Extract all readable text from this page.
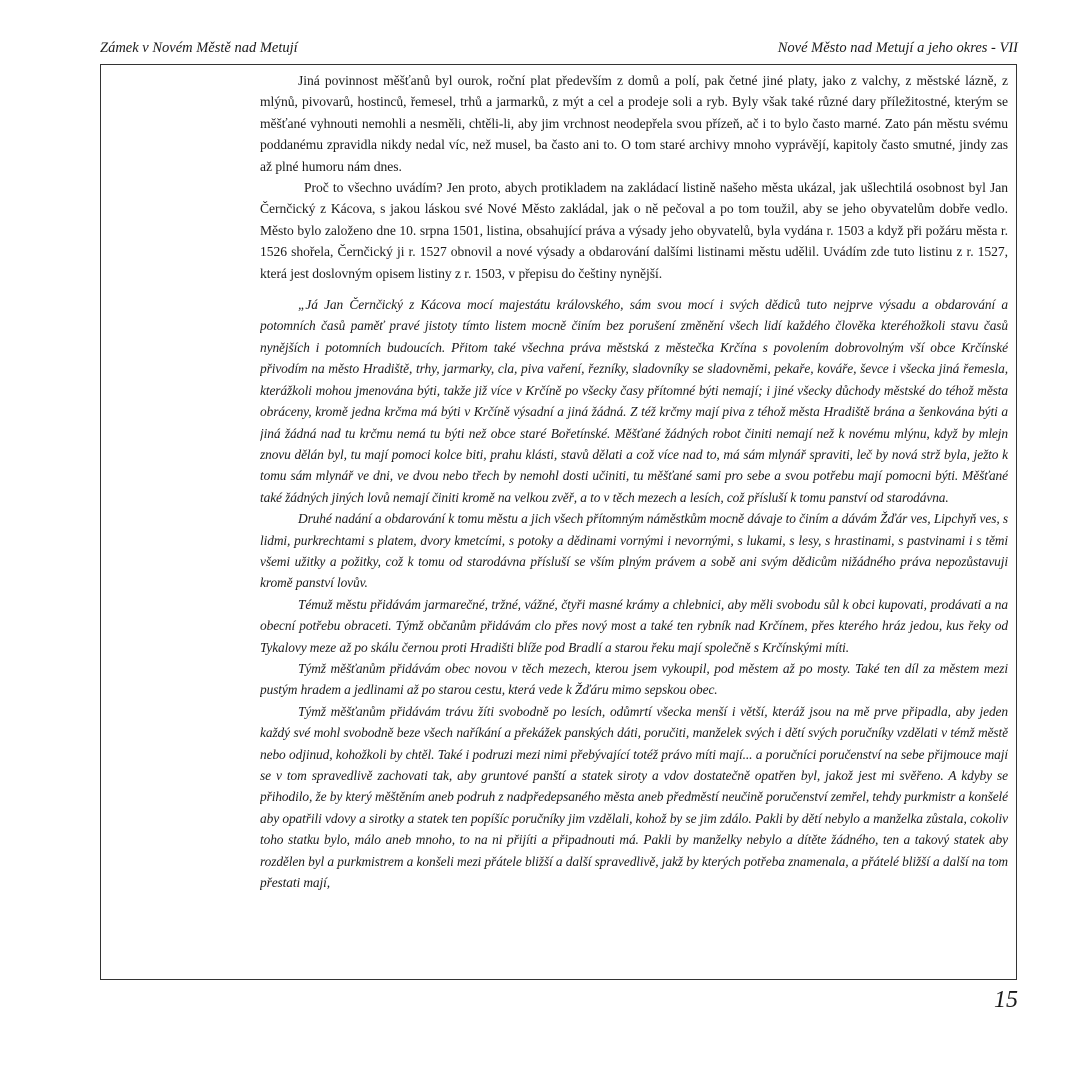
Zámek v Novém Městě nad Metují	Nové Město nad Metují a jeho okres - VII

Jiná povinnost měšťanů byl ourok, roční plat především z domů a polí, pak četné jiné platy, jako z valchy, z městské lázně, z mlýnů, pivovarů, hostinců, řemesel, trhů a jarmarků, z mýt a cel a prodeje soli a ryb. Byly však také různé dary příležitostné, kterým se měšťané vyhnouti nemohli a nesměli, chtěli-li, aby jim vrchnost neodepřela svou přízeň, ač i to bylo často marné. Zato pán městu svému poddanému zpravidla nikdy nedal víc, než musel, ba často ani to. O tom staré archivy mnoho vyprávějí, kapitoly často smutné, jindy zas až plné humoru nám dnes.

Proč to všechno uvádím? Jen proto, abych protikladem na zakládací listině našeho města ukázal, jak ušlechtilá osobnost byl Jan Černčický z Kácova, s jakou láskou své Nové Město zakládal, jak o ně pečoval a po tom toužil, aby se jeho obyvatelům dobře vedlo. Město bylo založeno dne 10. srpna 1501, listina, obsahující práva a výsady jeho obyvatelů, byla vydána r. 1503 a když při požáru města r. 1526 shořela, Černčický ji r. 1527 obnovil a nové výsady a obdarování dalšími listinami městu udělil. Uvádím zde tuto listinu z r. 1527, která jest doslovným opisem listiny z r. 1503, v přepisu do češtiny nynější.

„Já Jan Černčický z Kácova mocí majestátu královského, sám svou mocí i svých dědiců tuto nejprve výsadu a obdarování a potomních časů paměť pravé jistoty tímto listem mocně činím bez porušení změnění všech lidí každého člověka kteréhožkoli stavu časů nynějších i potomních budoucích. Přitom také všechna práva městská z městečka Krčína s povolením dobrovolným vší obce Krčínské přivodím na město Hradiště, trhy, jarmarky, cla, piva vaření, řezníky, sladovníky se sladovněmi, pekaře, kováře, ševce i všecka jiná řemesla, kterážkoli mohou jmenována býti, takže již více v Krčíně po všecky časy přítomné býti nemají; i jiné všecky důchody městské do téhož města obráceny, kromě jedna krčma má býti v Krčíně výsadní a jiná žádná. Z též krčmy mají piva z téhož města Hradiště brána a šenkována býti a jiná žádná nad tu krčmu nemá tu býti než obce staré Bořetínské. Měšťané žádných robot činiti nemají než k novému mlýnu, když by mlejn znovu dělán byl, tu mají pomoci kolce biti, prahu klásti, stavů dělati a což více nad to, má sám mlynář spraviti, leč by nová strž byla, ježto k tomu sám mlynář ve dni, ve dvou nebo třech by nemohl dosti učiniti, tu měšťané sami pro sebe a svou potřebu mají pomocni býti. Měšťané také žádných jiných lovů nemají činiti kromě na velkou zvěř, a to v těch mezech a lesích, což přísluší k tomu panství od starodávna.

Druhé nadání a obdarování k tomu městu a jich všech přítomným náměstkům mocně dávaje to činím a dávám Žďár ves, Lipchyň ves, s lidmi, purkrechtami s platem, dvory kmetcími, s potoky a dědinami vornými i nevornými, s lukami, s lesy, s hrastinami, s pastvinami i s těmi všemi užitky a požitky, což k tomu od starodávna přísluší se vším plným právem a sobě ani svým dědicům nižádného práva nepozůstavuji kromě panství lovův.

Témuž městu přidávám jarmarečné, tržné, vážné, čtyři masné krámy a chlebnici, aby měli svobodu sůl k obci kupovati, prodávati a na obecní potřebu obraceti. Týmž občanům přidávám clo přes nový most a také ten rybník nad Krčínem, přes kterého hráz jedou, kus řeky od Tykalovy meze až po skálu černou proti Hradišti blíže pod Bradlí a starou řeku mají společně s Krčínskými míti.

Týmž měšťanům přidávám obec novou v těch mezech, kterou jsem vykoupil, pod městem až po mosty. Také ten díl za městem mezi pustým hradem a jedlinami až po starou cestu, která vede k Žďáru mimo sepskou obec.

Týmž měšťanům přidávám trávu žíti svobodně po lesích, odůmrtí všecka menší i větší, kteráž jsou na mě prve připadla, aby jeden každý své mohl svobodně beze všech naříkání a překážek panských dáti, poručiti, manželek svých i dětí svých poručníky vzdělati v témž městě nebo odjinud, kohožkoli by chtěl. Také i podruzi mezi nimi přebývající totéž právo míti mají... a poručníci poručenství na sebe přijmouce mají se v tom spravedlivě zachovati tak, aby gruntové panští a statek siroty a vdov dostatečně opatřen byl, jakož jest mi svěřeno. A kdyby se přihodilo, že by který měštěním aneb podruh z nadpředepsaného města aneb předměstí neučině poručenství zemřel, tehdy purkmistr a konšelé aby opatřili vdovy a sirotky a statek ten popíšíc poručníky jim vzdělali, kohož by se jim zdálo. Pakli by dětí nebylo a manželka zůstala, cokoliv toho statku bylo, málo aneb mnoho, to na ni přijíti a připadnouti má. Pakli by manželky nebylo a dítěte žádného, ten a takový statek aby rozdělen byl a purkmistrem a konšeli mezi přátele bližší a další spravedlivě, jakž by kterých potřeba znamenala, a přátelé bližší a další na tom přestati mají,

15
